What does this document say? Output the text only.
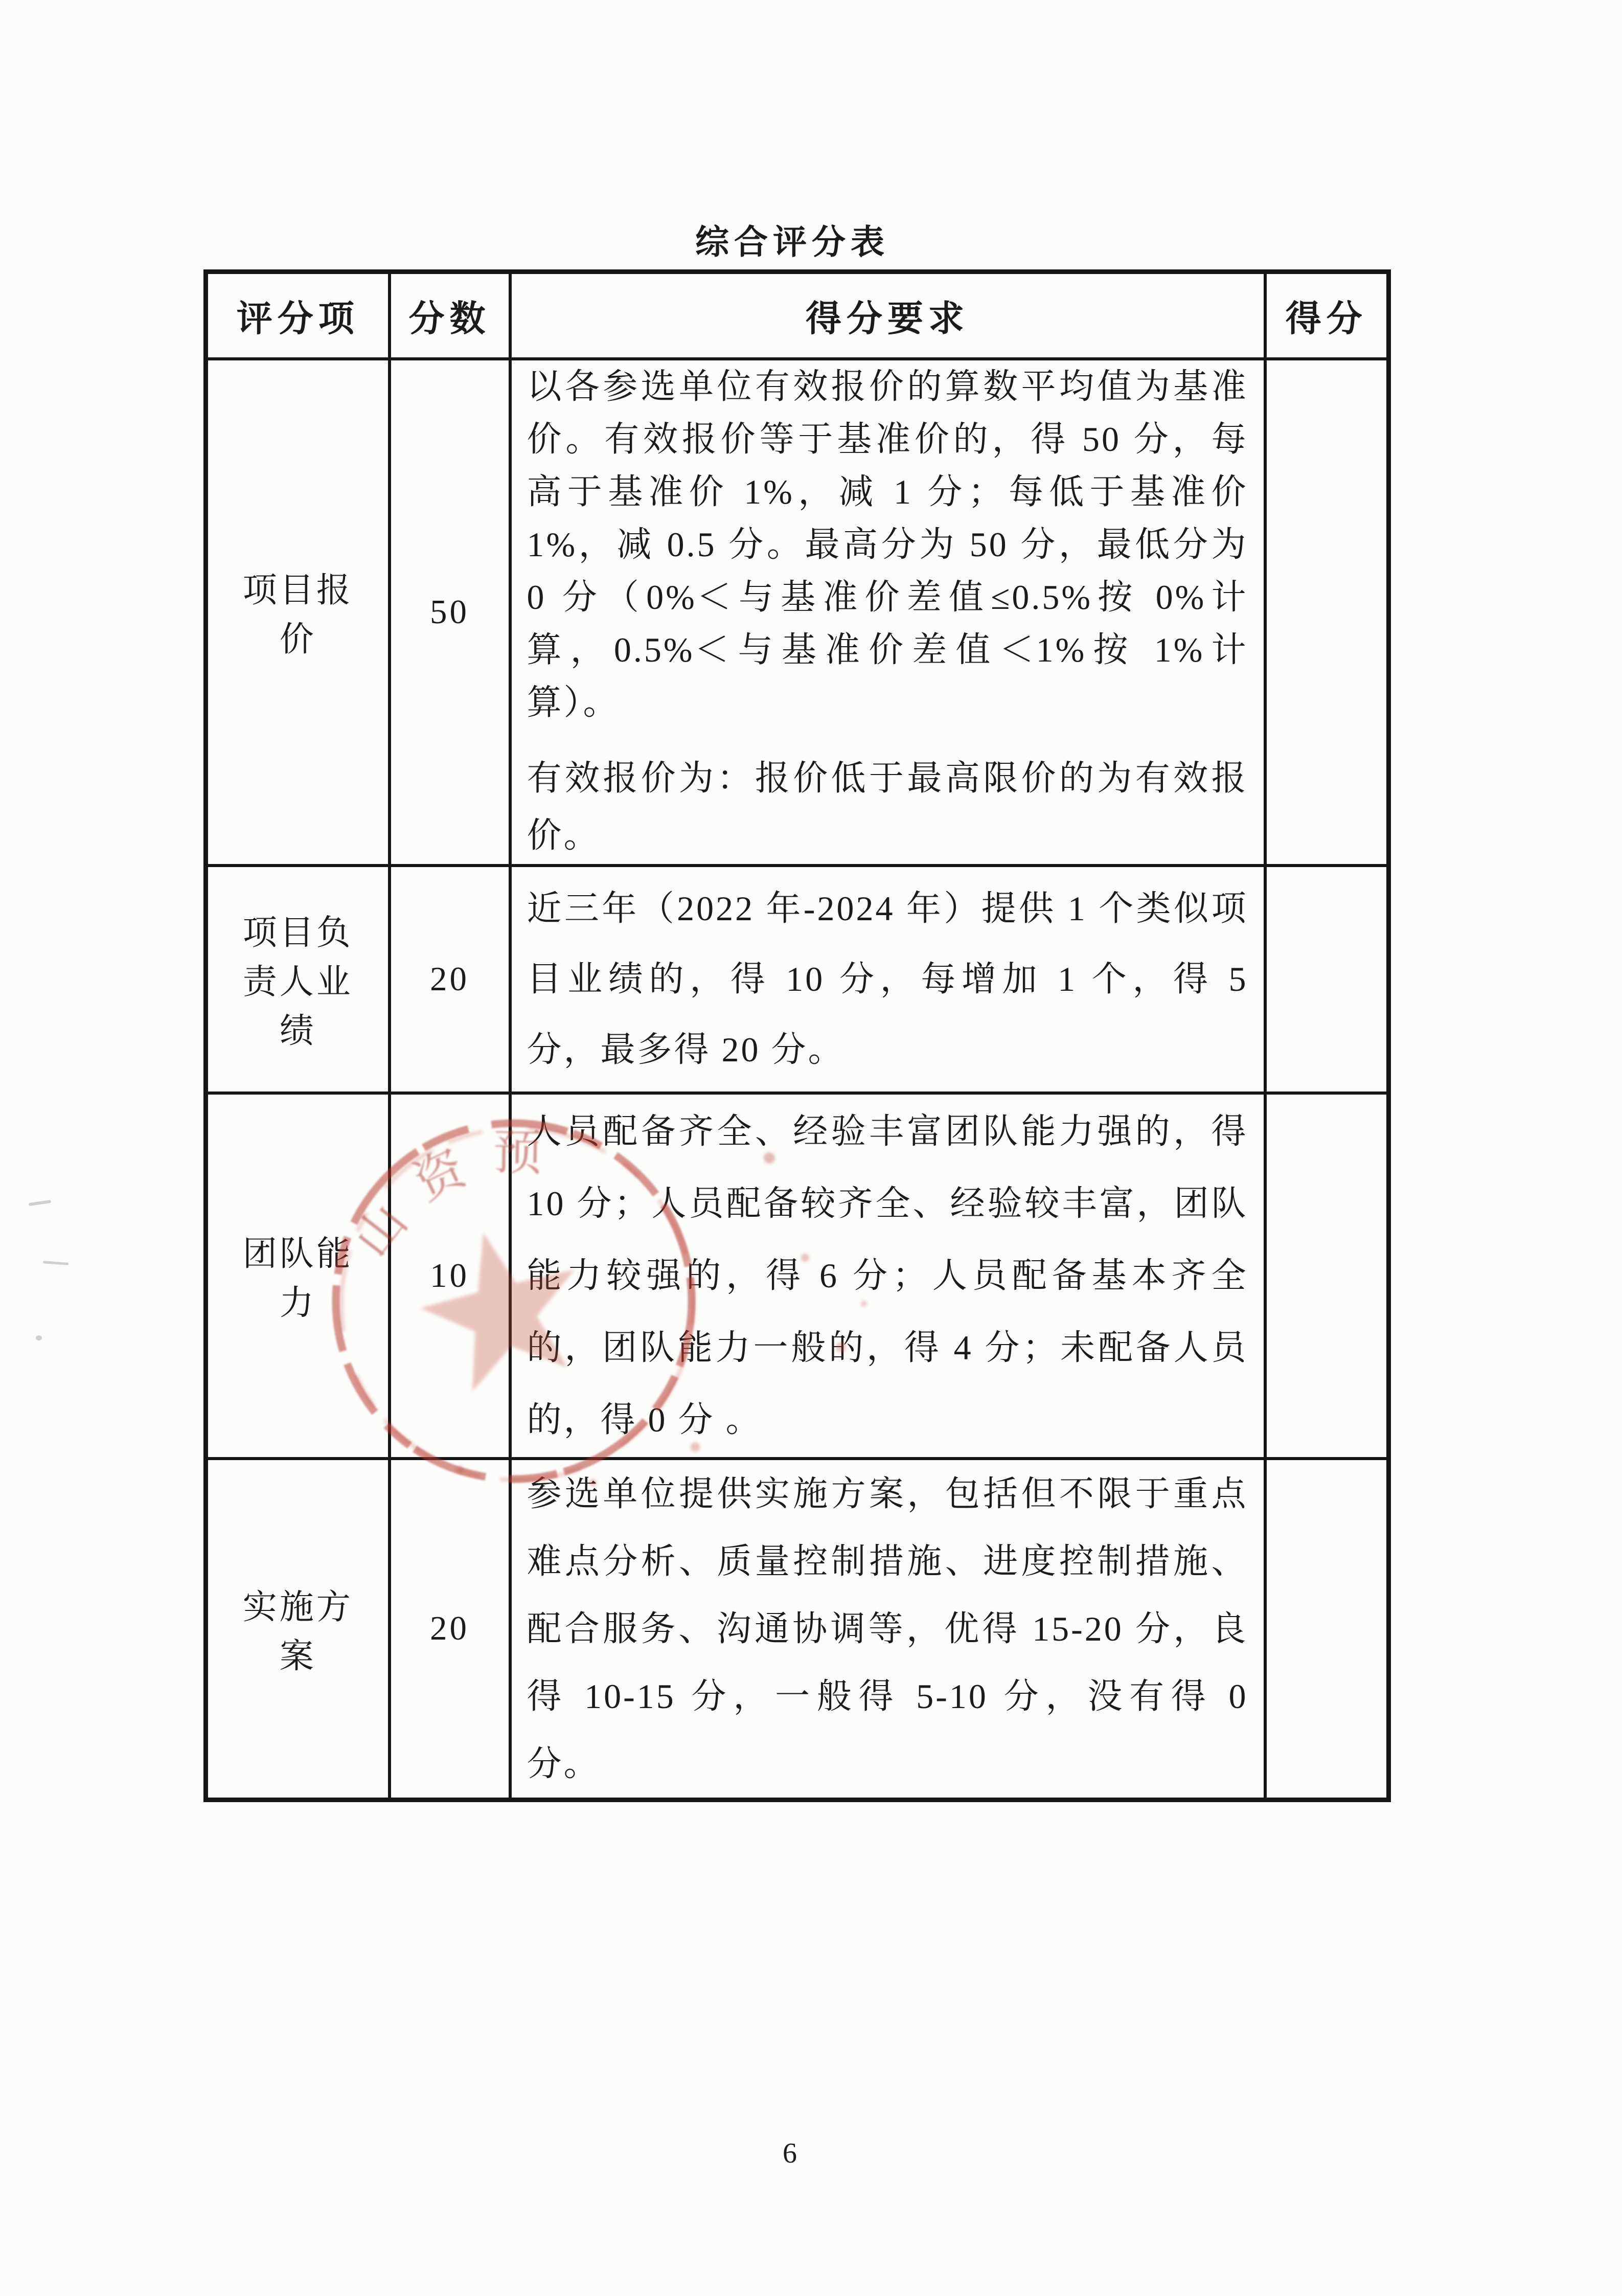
综合评分表
评分项	分数	得分要求	得分
项目报价	50	以各参选单位有效报价的算数平均值为基准价。有效报价等于基准价的，得 50 分，每高于基准价 1%，减 1 分；每低于基准价 1%，减 0.5 分。最高分为 50 分，最低分为 0 分（0%＜与基准价差值≤0.5%按 0%计算，0.5%＜与基准价差值＜1%按 1%计算）。

有效报价为：报价低于最高限价的为有效报价。	

项目负责人业绩	20	近三年（2022 年-2024 年）提供 1 个类似项目业绩的，得 10 分，每增加 1 个，得 5 分，最多得 20 分。	

团队能力	10	人员配备齐全、经验丰富团队能力强的，得 10 分；人员配备较齐全、经验较丰富，团队能力较强的，得 6 分；人员配备基本齐全的，团队能力一般的，得 4 分；未配备人员的，得 0 分 。	

实施方案	20	参选单位提供实施方案，包括但不限于重点难点分析、质量控制措施、进度控制措施、配合服务、沟通协调等，优得 15-20 分，良得 10-15 分，一般得 5-10 分，没有得 0 分。	

山资预
6
